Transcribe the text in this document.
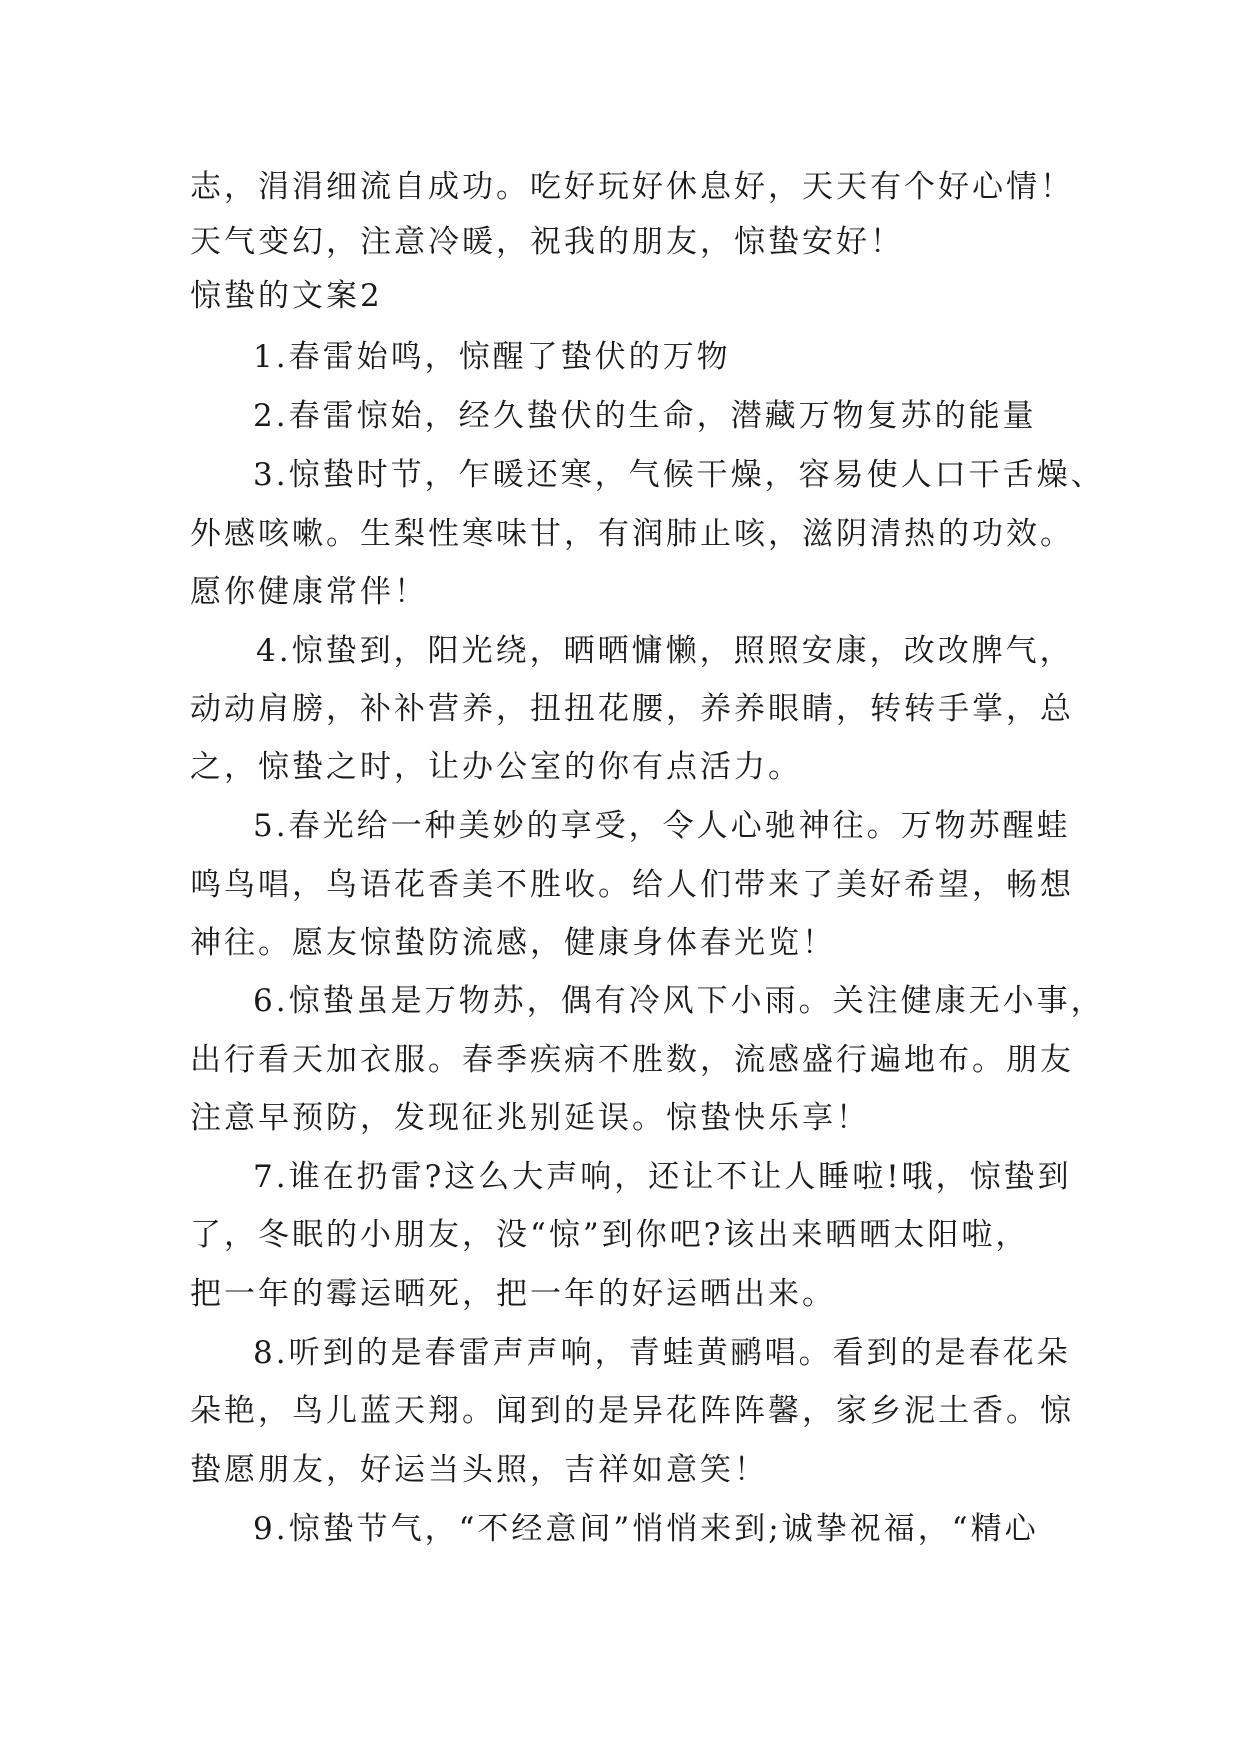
志，涓涓细流自成功。吃好玩好休息好，天天有个好心情！
天气变幻，注意冷暖，祝我的朋友，惊蛰安好！
惊蛰的文案2
1.春雷始鸣，惊醒了蛰伏的万物
2.春雷惊始，经久蛰伏的生命，潜藏万物复苏的能量
3.惊蛰时节，乍暖还寒，气候干燥，容易使人口干舌燥、
外感咳嗽。生梨性寒味甘，有润肺止咳，滋阴清热的功效。
愿你健康常伴！
4.惊蛰到，阳光绕，晒晒慵懒，照照安康，改改脾气，
动动肩膀，补补营养，扭扭花腰，养养眼睛，转转手掌，总
之，惊蛰之时，让办公室的你有点活力。
5.春光给一种美妙的享受，令人心驰神往。万物苏醒蛙
鸣鸟唱，鸟语花香美不胜收。给人们带来了美好希望，畅想
神往。愿友惊蛰防流感，健康身体春光览！
6.惊蛰虽是万物苏，偶有冷风下小雨。关注健康无小事，
出行看天加衣服。春季疾病不胜数，流感盛行遍地布。朋友
注意早预防，发现征兆别延误。惊蛰快乐享！
7.谁在扔雷?这么大声响，还让不让人睡啦!哦，惊蛰到
了，冬眠的小朋友，没“惊”到你吧?该出来晒晒太阳啦，
把一年的霉运晒死，把一年的好运晒出来。
8.听到的是春雷声声响，青蛙黄鹂唱。看到的是春花朵
朵艳，鸟儿蓝天翔。闻到的是异花阵阵馨，家乡泥土香。惊
蛰愿朋友，好运当头照，吉祥如意笑！
9.惊蛰节气，“不经意间”悄悄来到;诚挚祝福，“精心
